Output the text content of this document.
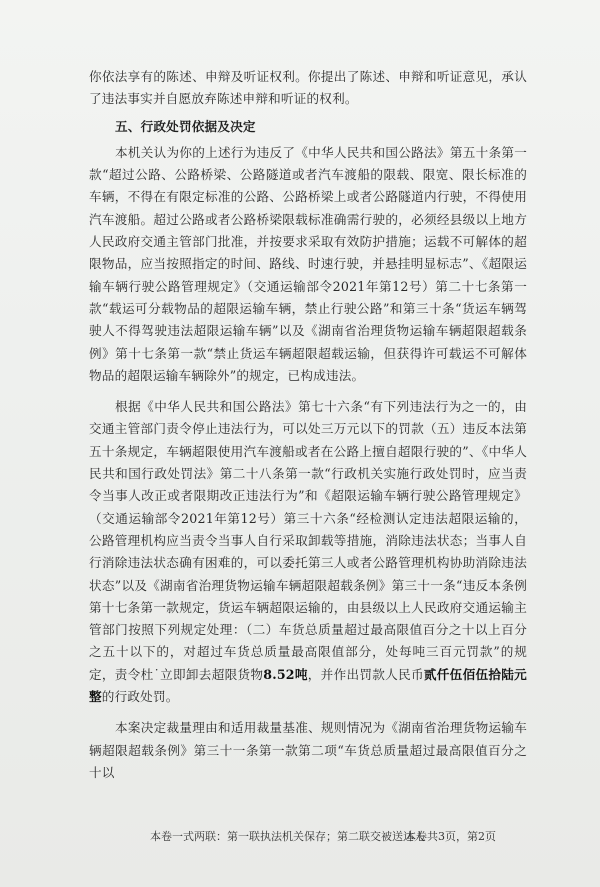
你依法享有的陈述、申辩及听证权利。你提出了陈述、申辩和听证意见，承认了违法事实并自愿放弃陈述申辩和听证的权利。

五、行政处罚依据及决定

本机关认为你的上述行为违反了《中华人民共和国公路法》第五十条第一款“超过公路、公路桥梁、公路隧道或者汽车渡船的限载、限宽、限长标准的车辆，不得在有限定标准的公路、公路桥梁上或者公路隧道内行驶，不得使用汽车渡船。超过公路或者公路桥梁限载标准确需行驶的，必须经县级以上地方人民政府交通主管部门批准，并按要求采取有效防护措施；运载不可解体的超限物品，应当按照指定的时间、路线、时速行驶，并悬挂明显标志”、《超限运输车辆行驶公路管理规定》（交通运输部令2021年第12号）第二十七条第一款“载运可分载物品的超限运输车辆，禁止行驶公路”和第三十条“货运车辆驾驶人不得驾驶违法超限运输车辆”以及《湖南省治理货物运输车辆超限超载条例》第十七条第一款“禁止货运车辆超限超载运输，但获得许可载运不可解体物品的超限运输车辆除外”的规定，已构成违法。

根据《中华人民共和国公路法》第七十六条“有下列违法行为之一的，由交通主管部门责令停止违法行为，可以处三万元以下的罚款（五）违反本法第五十条规定，车辆超限使用汽车渡船或者在公路上擅自超限行驶的”、《中华人民共和国行政处罚法》第二十八条第一款“行政机关实施行政处罚时，应当责令当事人改正或者限期改正违法行为”和《超限运输车辆行驶公路管理规定》（交通运输部令2021年第12号）第三十六条“经检测认定违法超限运输的，公路管理机构应当责令当事人自行采取卸载等措施，消除违法状态；当事人自行消除违法状态确有困难的，可以委托第三人或者公路管理机构协助消除违法状态”以及《湖南省治理货物运输车辆超限超载条例》第三十一条“违反本条例第十七条第一款规定，货运车辆超限运输的，由县级以上人民政府交通运输主管部门按照下列规定处理：（二）车货总质量超过最高限值百分之十以上百分之五十以下的，对超过车货总质量最高限值部分，处每吨三百元罚款”的规定，责令杜˙立即卸去超限货物8.52吨，并作出罚款人民币贰仟伍佰伍拾陆元整的行政处罚。

本案决定裁量理由和适用裁量基准、规则情况为《湖南省治理货物运输车辆超限超载条例》第三十一条第一款第二项“车货总质量超过最高限值百分之十以

本卷一式两联：第一联执法机关保存；第二联交被送达人
本卷共3页，第2页
